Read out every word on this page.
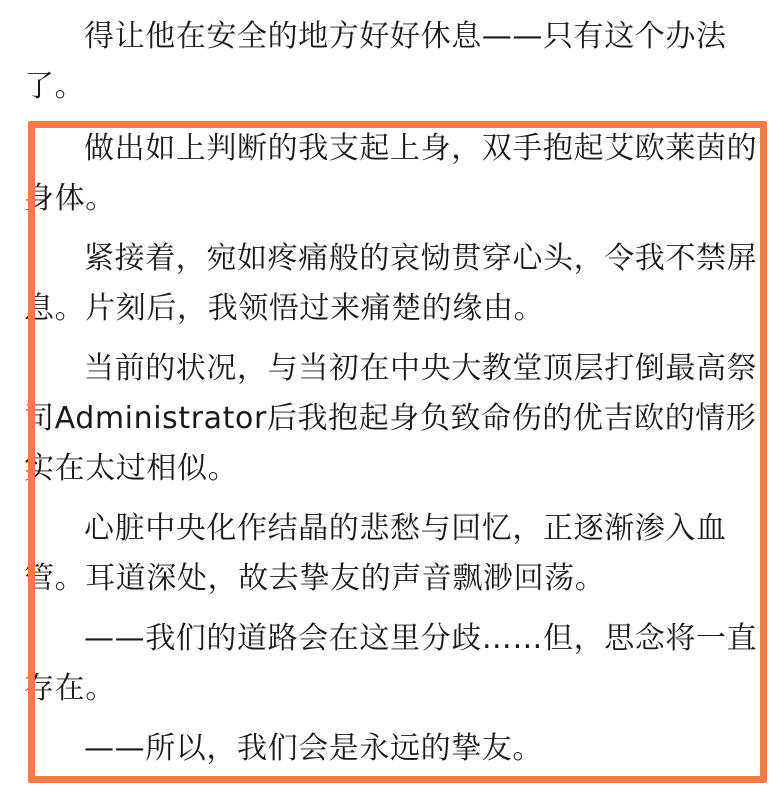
得让他在安全的地方好好休息——只有这个办法了。

做出如上判断的我支起上身，双手抱起艾欧莱茵的身体。

紧接着，宛如疼痛般的哀恸贯穿心头，令我不禁屏息。片刻后，我领悟过来痛楚的缘由。

当前的状况，与当初在中央大教堂顶层打倒最高祭司Administrator后我抱起身负致命伤的优吉欧的情形实在太过相似。

心脏中央化作结晶的悲愁与回忆，正逐渐渗入血管。耳道深处，故去挚友的声音飘渺回荡。

——我们的道路会在这里分歧……但，思念将一直存在。

——所以，我们会是永远的挚友。
